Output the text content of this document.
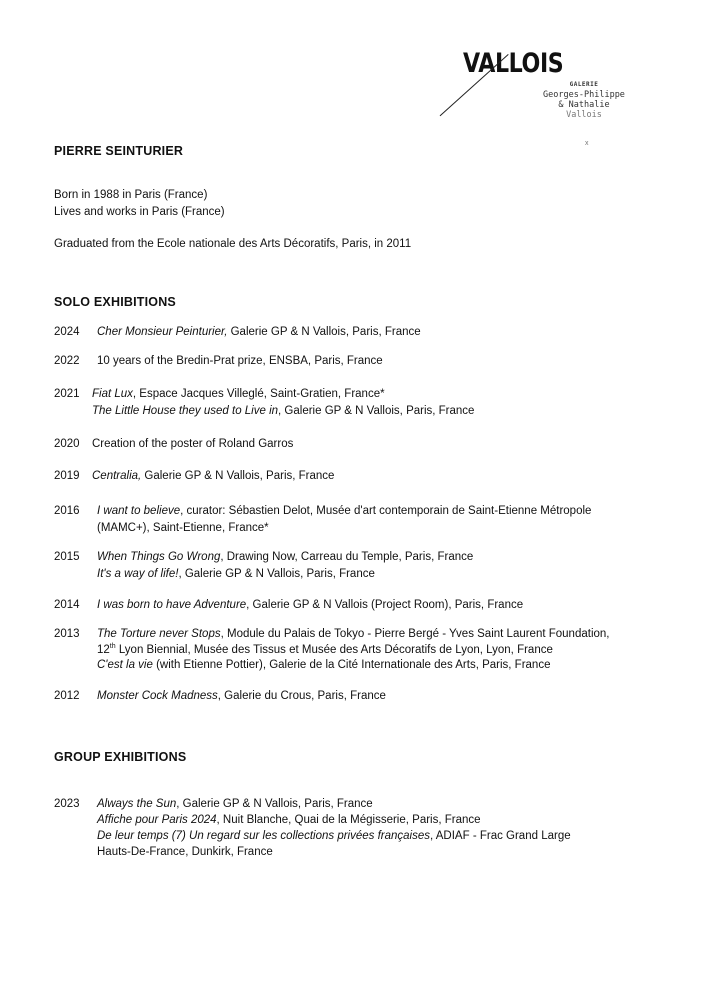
VALLOIS
GALERIE
Georges-Philippe
& Nathalie
Vallois
x
PIERRE SEINTURIER
Born in 1988 in Paris (France)
Lives and works in Paris (France)
Graduated from the Ecole nationale des Arts Décoratifs, Paris, in 2011
SOLO EXHIBITIONS
2024 Cher Monsieur Peinturier, Galerie GP & N Vallois, Paris, France
2022 10 years of the Bredin-Prat prize, ENSBA, Paris, France
2021 Fiat Lux, Espace Jacques Villeglé, Saint-Gratien, France*
The Little House they used to Live in, Galerie GP & N Vallois, Paris, France
2020 Creation of the poster of Roland Garros
2019 Centralia, Galerie GP & N Vallois, Paris, France
2016 I want to believe, curator: Sébastien Delot, Musée d'art contemporain de Saint-Etienne Métropole
(MAMC+), Saint-Etienne, France*
2015 When Things Go Wrong, Drawing Now, Carreau du Temple, Paris, France
It's a way of life!, Galerie GP & N Vallois, Paris, France
2014 I was born to have Adventure, Galerie GP & N Vallois (Project Room), Paris, France
2013 The Torture never Stops, Module du Palais de Tokyo - Pierre Bergé - Yves Saint Laurent Foundation,
12th Lyon Biennial, Musée des Tissus et Musée des Arts Décoratifs de Lyon, Lyon, France
C'est la vie (with Etienne Pottier), Galerie de la Cité Internationale des Arts, Paris, France
2012 Monster Cock Madness, Galerie du Crous, Paris, France
GROUP EXHIBITIONS
2023 Always the Sun, Galerie GP & N Vallois, Paris, France
Affiche pour Paris 2024, Nuit Blanche, Quai de la Mégisserie, Paris, France
De leur temps (7) Un regard sur les collections privées françaises, ADIAF - Frac Grand Large
Hauts-De-France, Dunkirk, France
